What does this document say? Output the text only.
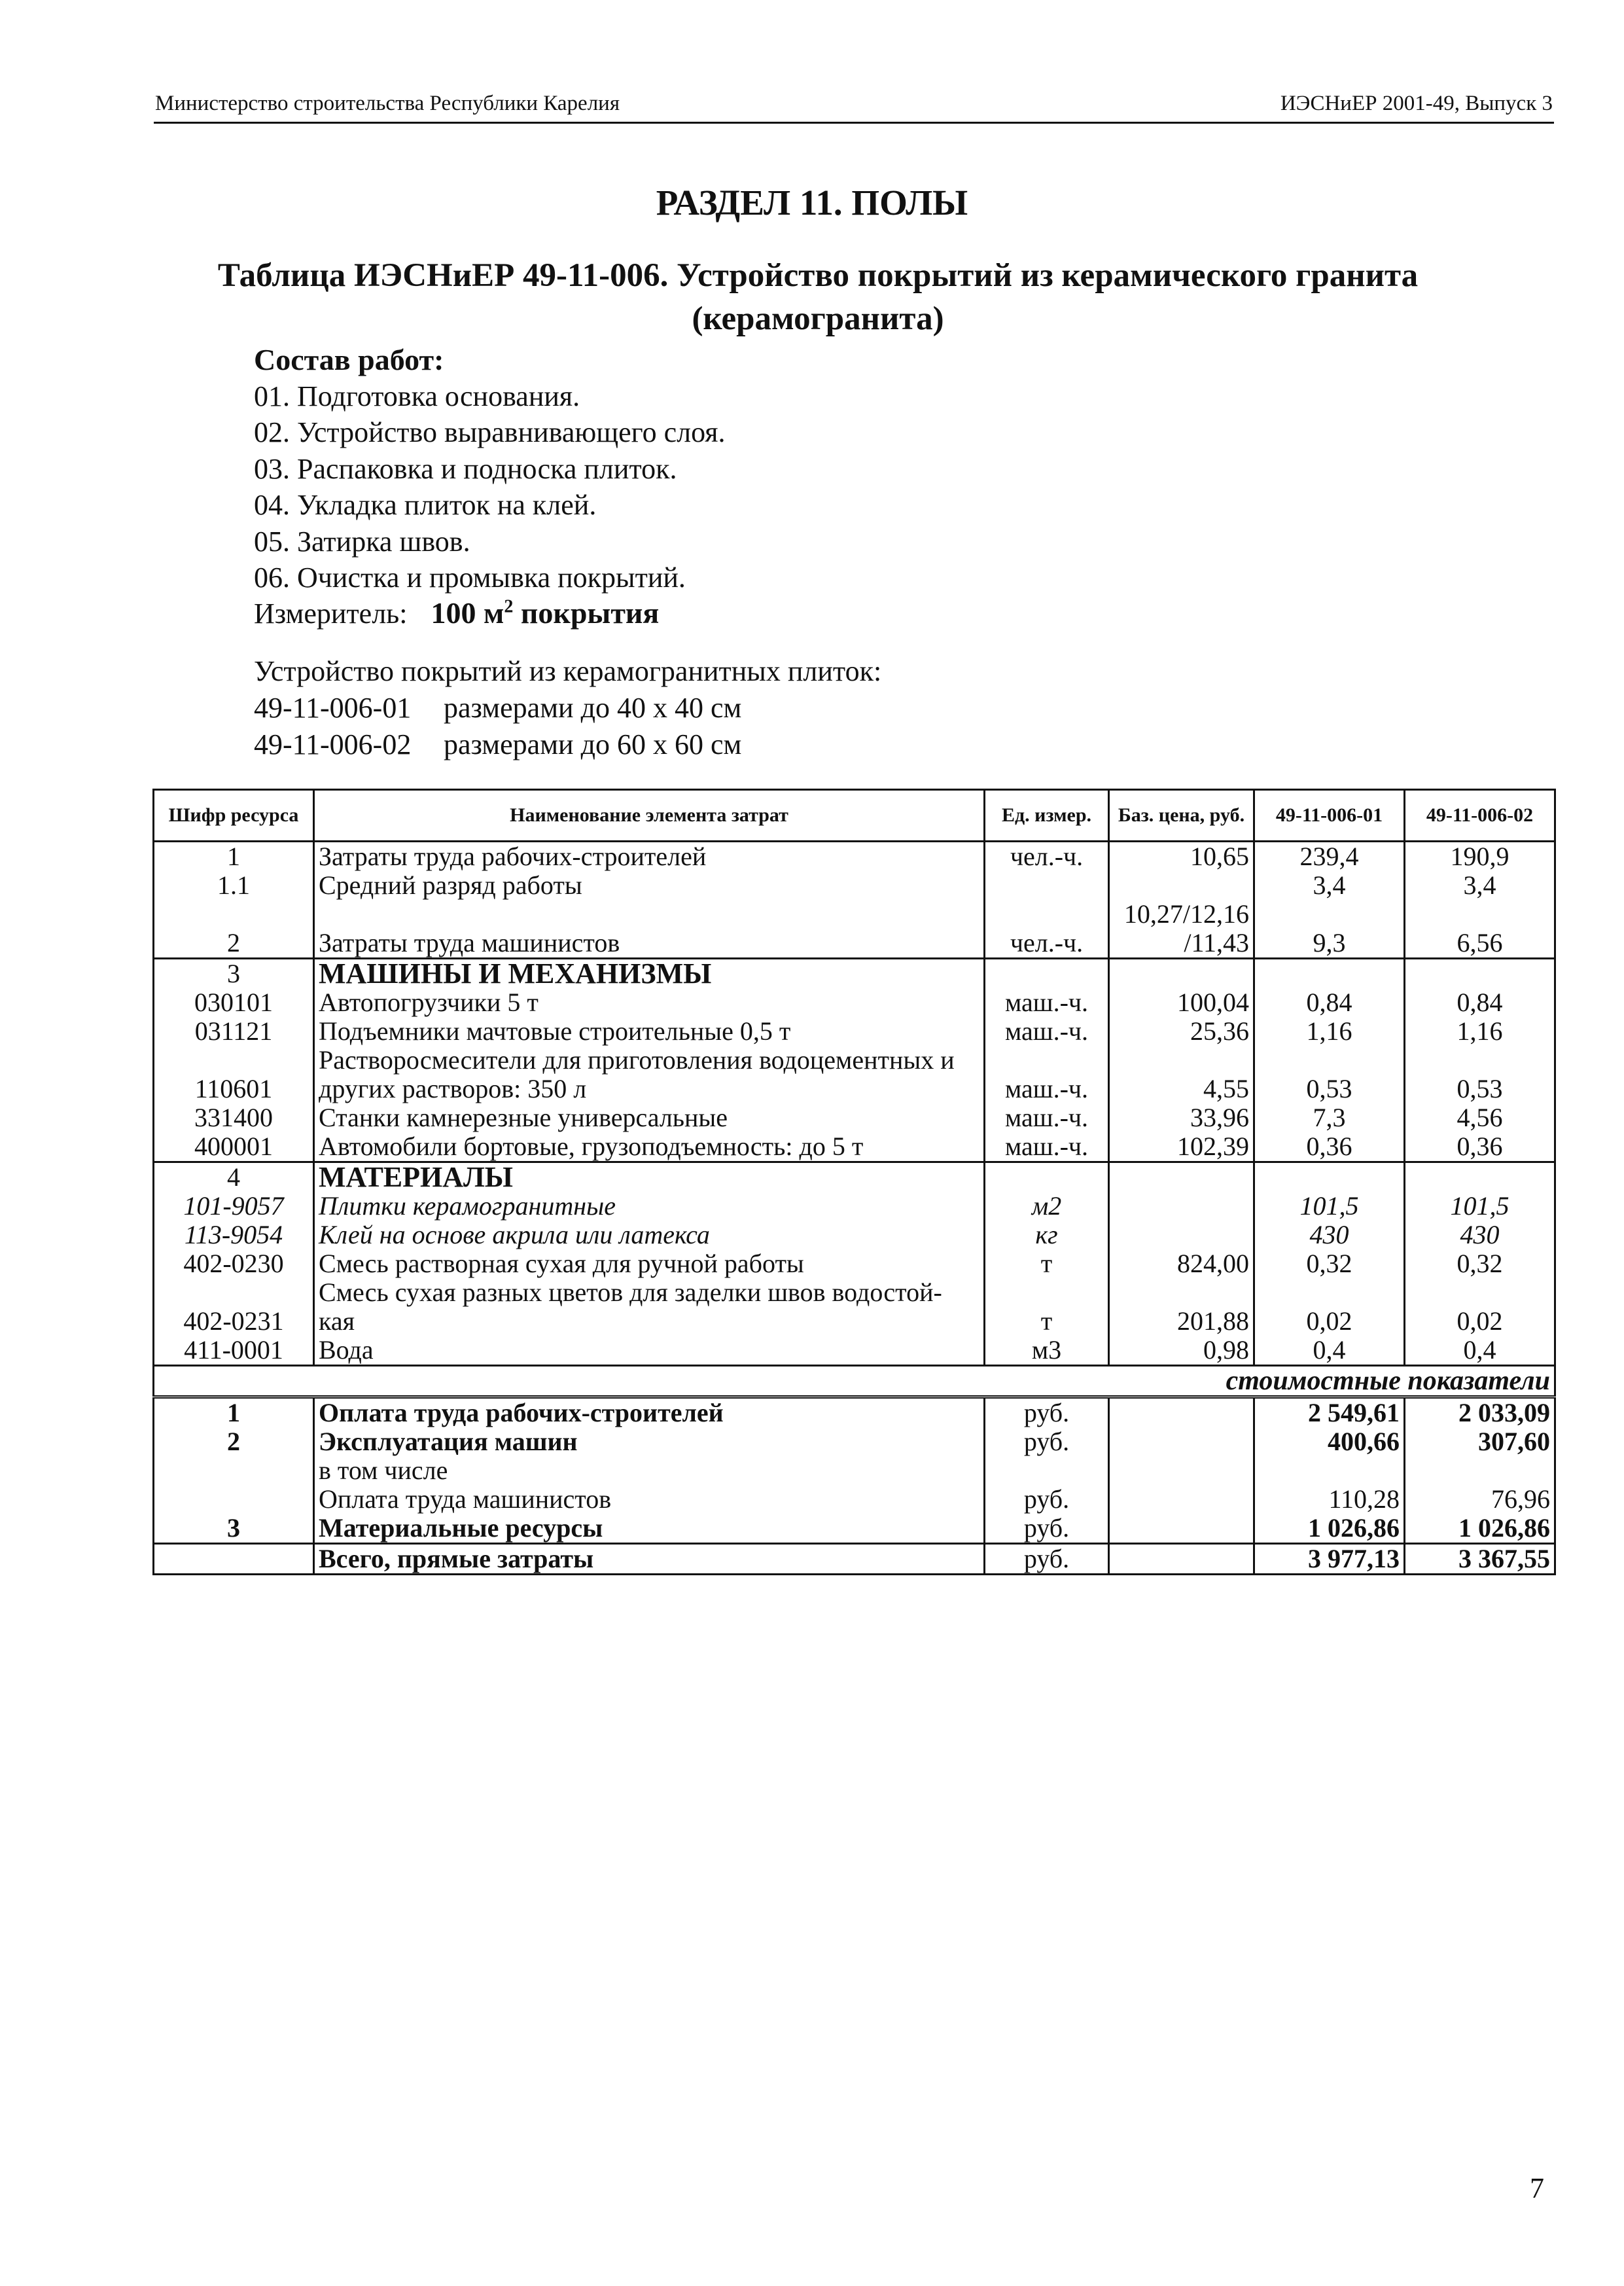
Министерство строительства Республики Карелия	ИЭСНиЕР 2001-49, Выпуск 3
РАЗДЕЛ 11. ПОЛЫ
Таблица ИЭСНиЕР 49-11-006. Устройство покрытий из керамического гранита
(керамогранита)
Состав работ:
01. Подготовка основания.
02. Устройство выравнивающего слоя.
03. Распаковка и подноска плиток.
04. Укладка плиток на клей.
05. Затирка швов.
06. Очистка и промывка покрытий.
Измеритель: 100 $м^2$ покрытия
Устройство покрытий из керамогранитных плиток:
49-11-006-01 размерами до 40 х 40 см
49-11-006-02 размерами до 60 х 60 см
Шифр ресурса	Наименование элемента затрат	Ед. измер.	Баз. цена, руб.	49-11-006-01	49-11-006-02
1	Затраты труда рабочих-строителей	чел.-ч.	10,65	239,4	190,9
1.1	Средний разряд работы			3,4	3,4
			10,27/12,16		
2	Затраты труда машинистов	чел.-ч.	/11,43	9,3	6,56
3	МАШИНЫ И МЕХАНИЗМЫ				
030101	Автопогрузчики 5 т	маш.-ч.	100,04	0,84	0,84
031121	Подъемники мачтовые строительные 0,5 т	маш.-ч.	25,36	1,16	1,16
	Растворосмесители для приготовления водоцементных и				
110601	других растворов: 350 л	маш.-ч.	4,55	0,53	0,53
331400	Станки камнерезные универсальные	маш.-ч.	33,96	7,3	4,56
400001	Автомобили бортовые, грузоподъемность: до 5 т	маш.-ч.	102,39	0,36	0,36
4	МАТЕРИАЛЫ				
101-9057	Плитки керамогранитные	м2		101,5	101,5
113-9054	Клей на основе акрила или латекса	кг		430	430
402-0230	Смесь растворная сухая для ручной работы	т	824,00	0,32	0,32
	Смесь сухая разных цветов для заделки швов водостой-				
402-0231	кая	т	201,88	0,02	0,02
411-0001	Вода	м3	0,98	0,4	0,4
стоимостные показатели					
1	Оплата труда рабочих-строителей	руб.		2 549,61	2 033,09
2	Эксплуатация машин	руб.		400,66	307,60
	в том числе				
	Оплата труда машинистов	руб.		110,28	76,96
3	Материальные ресурсы	руб.		1 026,86	1 026,86
	Всего, прямые затраты	руб.		3 977,13	3 367,55
7
